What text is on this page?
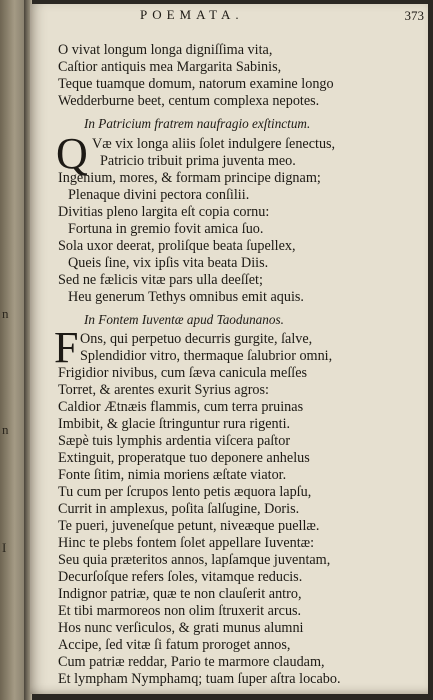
n
n
I
POEMATA.	373
O vivat longum longa digniſſima vita,
Caſtior antiquis mea Margarita Sabinis,
Teque tuamque domum, natorum examine longo
Wedderburne beet, centum complexa nepotes.
In Patricium fratrem naufragio exſtinctum.
Q Væ vix longa aliis ſolet indulgere ſenectus,
Patricio tribuit prima juventa meo.
Ingenium, mores, & formam principe dignam;
Plenaque divini pectora conſilii.
Divitias pleno largita eſt copia cornu:
Fortuna in gremio fovit amica ſuo.
Sola uxor deerat, proliſque beata ſupellex,
Queis ſine, vix ipſis vita beata Diis.
Sed ne fælicis vitæ pars ulla deeſſet;
Heu generum Tethys omnibus emit aquis.
In Fontem Iuventæ apud Taodunanos.
F Ons, qui perpetuo decurris gurgite, ſalve,
Splendidior vitro, thermaque ſalubrior omni,
Frigidior nivibus, cum ſæva canicula meſſes
Torret, & arentes exurit Syrius agros:
Caldior Ætnæis flammis, cum terra pruinas
Imbibit, & glacie ſtringuntur rura rigenti.
Sæpè tuis lymphis ardentia viſcera paſtor
Extinguit, properatque tuo deponere anhelus
Fonte ſitim, nimia moriens æſtate viator.
Tu cum per ſcrupos lento petis æquora lapſu,
Currit in amplexus, poſita ſalſugine, Doris.
Te pueri, juveneſque petunt, niveæque puellæ.
Hinc te plebs fontem ſolet appellare Iuventæ:
Seu quia præteritos annos, lapſamque juventam,
Decurſoſque refers ſoles, vitamque reducis.
Indignor patriæ, quæ te non clauſerit antro,
Et tibi marmoreos non olim ſtruxerit arcus.
Hos nunc verſiculos, & grati munus alumni
Accipe, ſed vitæ ſi fatum proroget annos,
Cum patriæ reddar, Pario te marmore claudam,
Et lympham Nymphamq; tuam ſuper aſtra locabo.
